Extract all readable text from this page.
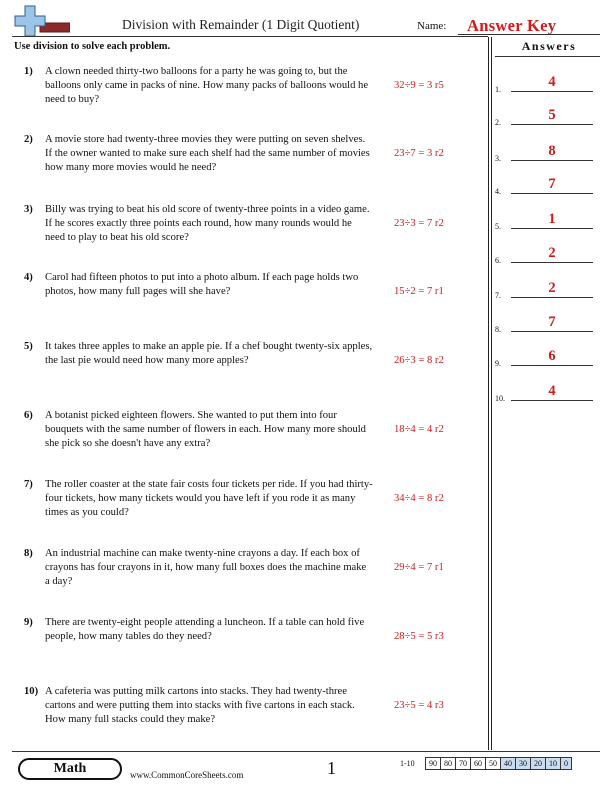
Division with Remainder (1 Digit Quotient)	Name: Answer Key
Use division to solve each problem.	Answers
1) A clown needed thirty-two balloons for a party he was going to, but the balloons only came in packs of nine. How many packs of balloons would he need to buy?
32÷9 = 3 r5
2) A movie store had twenty-three movies they were putting on seven shelves. If the owner wanted to make sure each shelf had the same number of movies how many more movies would he need?
23÷7 = 3 r2
3) Billy was trying to beat his old score of twenty-three points in a video game. If he scores exactly three points each round, how many rounds would he need to play to beat his old score?
23÷3 = 7 r2
4) Carol had fifteen photos to put into a photo album. If each page holds two photos, how many full pages will she have?	15÷2 = 7 r1
5) It takes three apples to make an apple pie. If a chef bought twenty-six apples, the last pie would need how many more apples?	26÷3 = 8 r2
6) A botanist picked eighteen flowers. She wanted to put them into four bouquets with the same number of flowers in each. How many more should she pick so she doesn't have any extra?
18÷4 = 4 r2
7) The roller coaster at the state fair costs four tickets per ride. If you had thirty-four tickets, how many tickets would you have left if you rode it as many times as you could?
34÷4 = 8 r2
8) An industrial machine can make twenty-nine crayons a day. If each box of crayons has four crayons in it, how many full boxes does the machine make a day?
29÷4 = 7 r1
9) There are twenty-eight people attending a luncheon. If a table can hold five people, how many tables do they need?	28÷5 = 5 r3
10) A cafeteria was putting milk cartons into stacks. They had twenty-three cartons and were putting them into stacks with five cartons in each stack. How many full stacks could they make?
23÷5 = 4 r3
1.	4
2.	5
3.	8
4.	7
5.	1
6.	2
7.	2
8.	7
9.	6
10.	4
Math	www.CommonCoreSheets.com	1	1-10 90	80	70	60	50	40	30	20	10	0
